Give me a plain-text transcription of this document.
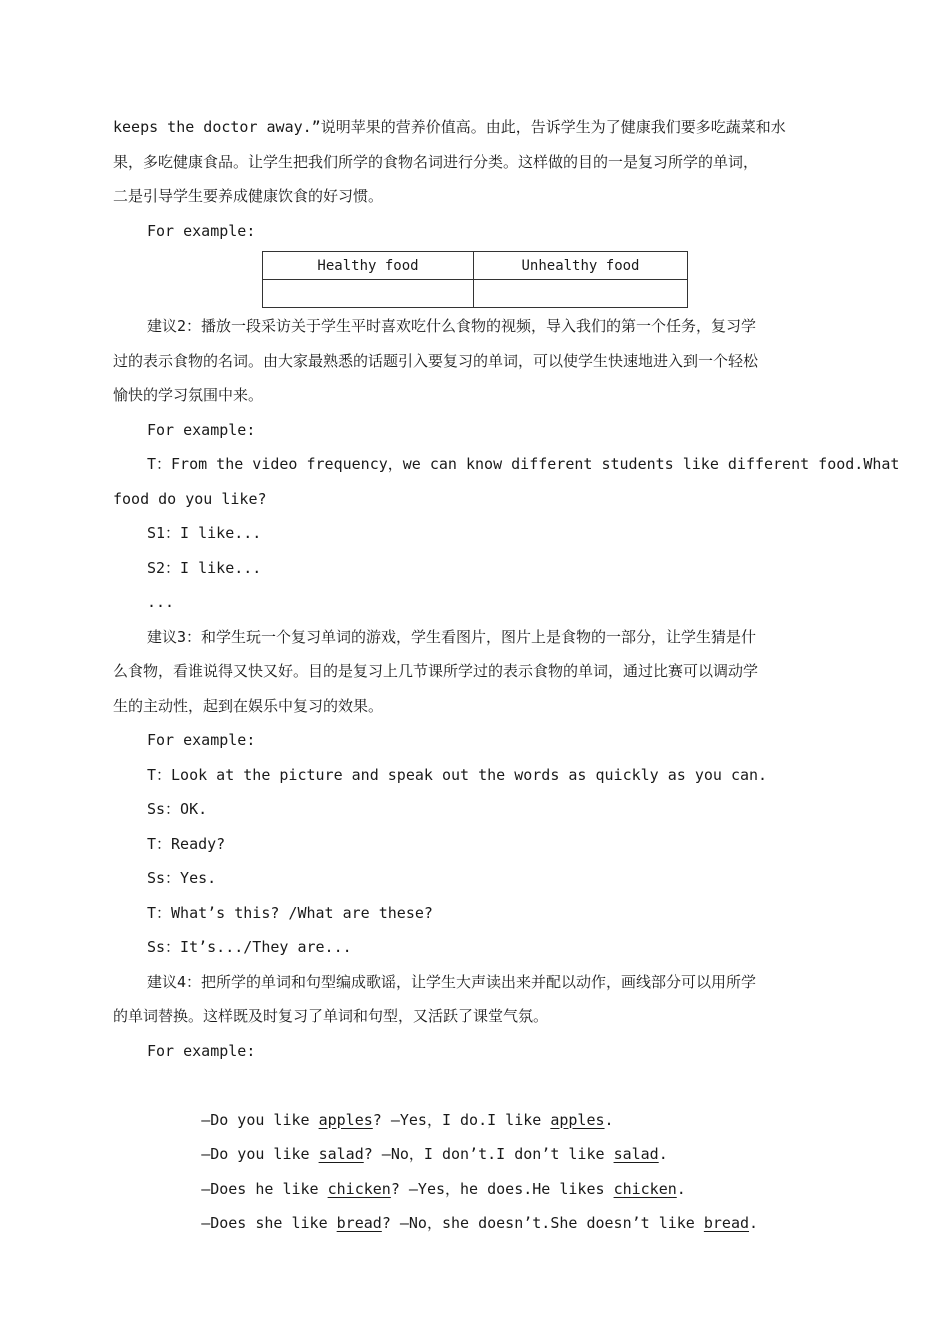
keeps the doctor away.”说明苹果的营养价值高。由此，告诉学生为了健康我们要多吃蔬菜和水
果，多吃健康食品。让学生把我们所学的食物名词进行分类。这样做的目的一是复习所学的单词，
二是引导学生要养成健康饮食的好习惯。
For example:
Healthy food	Unhealthy food

建议2：播放一段采访关于学生平时喜欢吃什么食物的视频，导入我们的第一个任务，复习学
过的表示食物的名词。由大家最熟悉的话题引入要复习的单词，可以使学生快速地进入到一个轻松
愉快的学习氛围中来。
For example:
T：From the video frequency，we can know different students like different food.What
food do you like?
S1：I like...
S2：I like...
...
建议3：和学生玩一个复习单词的游戏，学生看图片，图片上是食物的一部分，让学生猜是什
么食物，看谁说得又快又好。目的是复习上几节课所学过的表示食物的单词，通过比赛可以调动学
生的主动性，起到在娱乐中复习的效果。
For example:
T：Look at the picture and speak out the words as quickly as you can.
Ss：OK.
T：Ready?
Ss：Yes.
T：What’s this? /What are these?
Ss：It’s.../They are...
建议4：把所学的单词和句型编成歌谣，让学生大声读出来并配以动作，画线部分可以用所学
的单词替换。这样既及时复习了单词和句型，又活跃了课堂气氛。
For example:

—Do you like apples? —Yes，I do.I like apples.

—Do you like salad? —No，I don’t.I don’t like salad.

—Does he like chicken? —Yes，he does.He likes chicken.

—Does she like bread? —No，she doesn’t.She doesn’t like bread.
